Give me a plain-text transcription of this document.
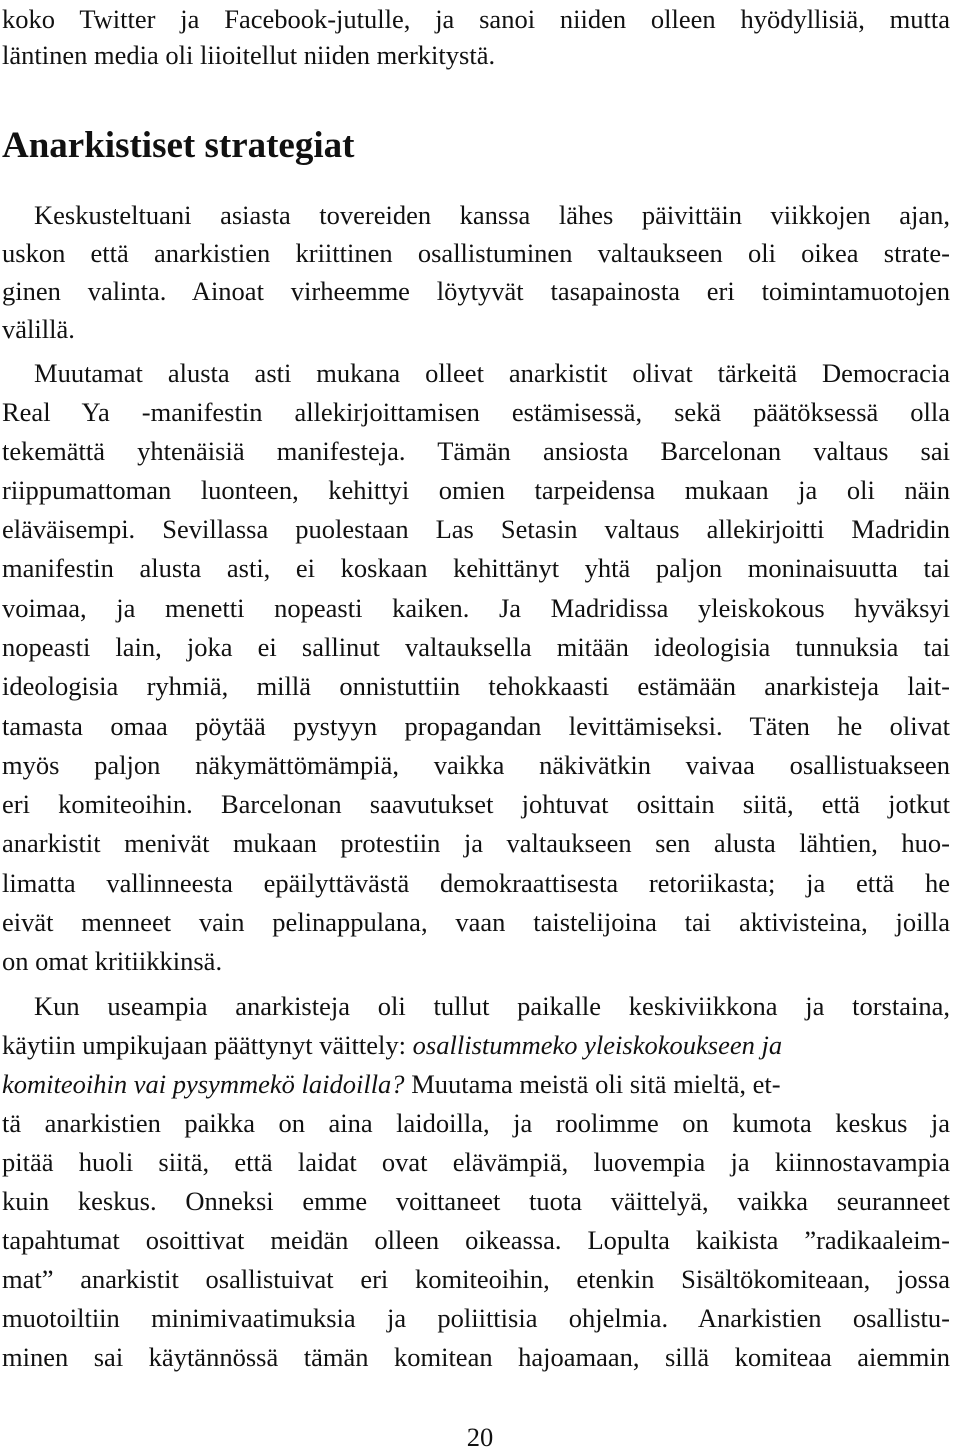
koko Twitter ja Facebook-jutulle, ja sanoi niiden olleen hyödyllisiä, mutta
läntinen media oli liioitellut niiden merkitystä.
Anarkistiset strategiat
Keskusteltuani asiasta tovereiden kanssa lähes päivittäin viikkojen ajan,
uskon että anarkistien kriittinen osallistuminen valtaukseen oli oikea strate-
ginen valinta. Ainoat virheemme löytyvät tasapainosta eri toimintamuotojen
välillä.
Muutamat alusta asti mukana olleet anarkistit olivat tärkeitä Democracia
Real Ya -manifestin allekirjoittamisen estämisessä, sekä päätöksessä olla
tekemättä yhtenäisiä manifesteja. Tämän ansiosta Barcelonan valtaus sai
riippumattoman luonteen, kehittyi omien tarpeidensa mukaan ja oli näin
eläväisempi. Sevillassa puolestaan Las Setasin valtaus allekirjoitti Madridin
manifestin alusta asti, ei koskaan kehittänyt yhtä paljon moninaisuutta tai
voimaa, ja menetti nopeasti kaiken. Ja Madridissa yleiskokous hyväksyi
nopeasti lain, joka ei sallinut valtauksella mitään ideologisia tunnuksia tai
ideologisia ryhmiä, millä onnistuttiin tehokkaasti estämään anarkisteja lait-
tamasta omaa pöytää pystyyn propagandan levittämiseksi. Täten he olivat
myös paljon näkymättömämpiä, vaikka näkivätkin vaivaa osallistuakseen
eri komiteoihin. Barcelonan saavutukset johtuvat osittain siitä, että jotkut
anarkistit menivät mukaan protestiin ja valtaukseen sen alusta lähtien, huo-
limatta vallinneesta epäilyttävästä demokraattisesta retoriikasta; ja että he
eivät menneet vain pelinappulana, vaan taistelijoina tai aktivisteina, joilla
on omat kritiikkinsä.
Kun useampia anarkisteja oli tullut paikalle keskiviikkona ja torstaina,
käytiin umpikujaan päättynyt väittely: osallistummeko yleiskokoukseen ja
komiteoihin vai pysymmekö laidoilla? Muutama meistä oli sitä mieltä, et-
tä anarkistien paikka on aina laidoilla, ja roolimme on kumota keskus ja
pitää huoli siitä, että laidat ovat elävämpiä, luovempia ja kiinnostavampia
kuin keskus. Onneksi emme voittaneet tuota väittelyä, vaikka seuranneet
tapahtumat osoittivat meidän olleen oikeassa. Lopulta kaikista ”radikaaleim-
mat” anarkistit osallistuivat eri komiteoihin, etenkin Sisältökomiteaan, jossa
muotoiltiin minimivaatimuksia ja poliittisia ohjelmia. Anarkistien osallistu-
minen sai käytännössä tämän komitean hajoamaan, sillä komiteaa aiemmin
20
